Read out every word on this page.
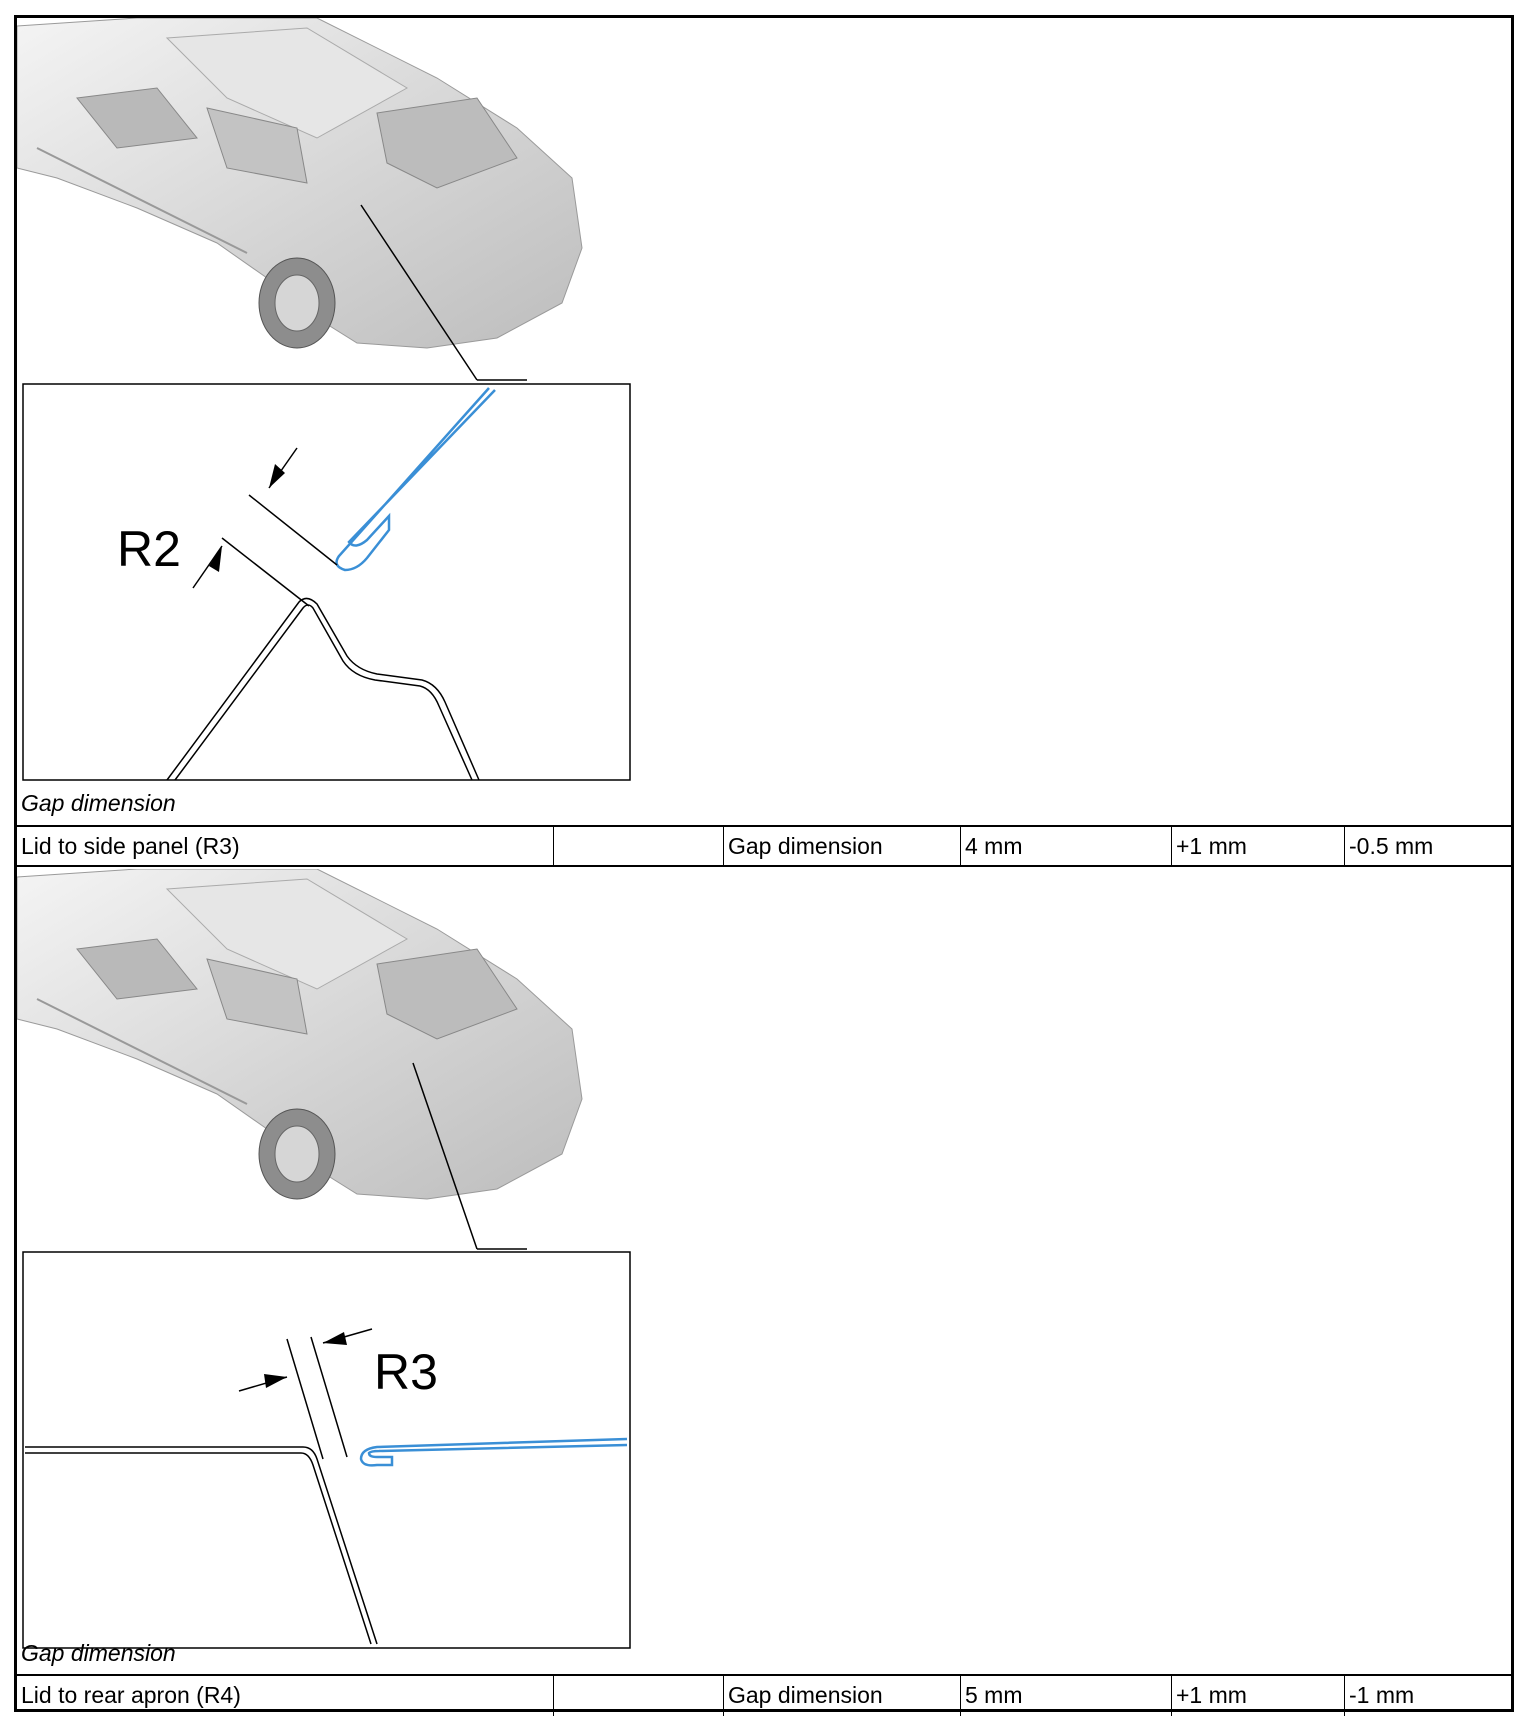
R2
Gap dimension
Lid to side panel (R3)	Gap dimension	4 mm	+1 mm	-0.5 mm
R3
Gap dimension
Lid to rear apron (R4)	Gap dimension	5 mm	+1 mm	-1 mm
